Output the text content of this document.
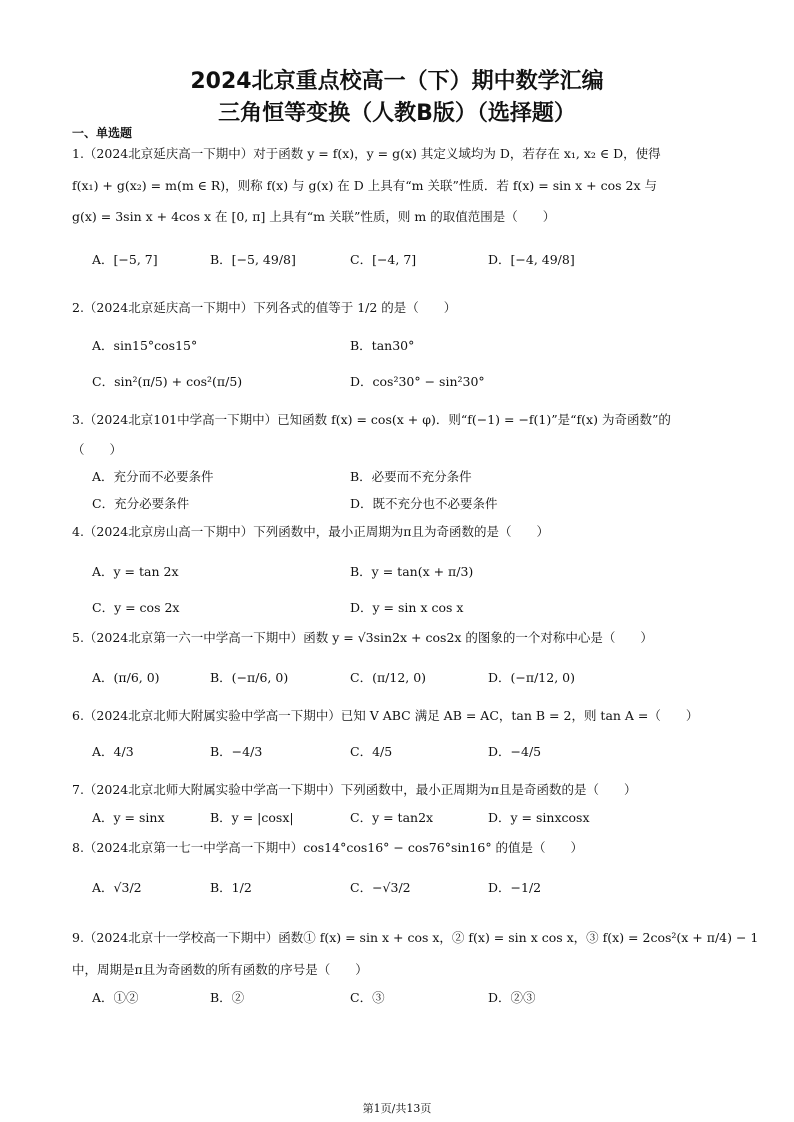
2024北京重点校高一（下）期中数学汇编
三角恒等变换（人教B版）（选择题）
一、单选题
1.（2024北京延庆高一下期中）对于函数 y = f(x)，y = g(x) 其定义域均为 D，若存在 x₁, x₂ ∈ D，使得
f(x₁) + g(x₂) = m(m ∈ R)，则称 f(x) 与 g(x) 在 D 上具有“m 关联”性质．若 f(x) = sin x + cos 2x 与
g(x) = 3sin x + 4cos x 在 [0, π] 上具有“m 关联”性质，则 m 的取值范围是（　　）
A．[−5, 7]	B．[−5, 49/8]	C．[−4, 7]	D．[−4, 49/8]
2.（2024北京延庆高一下期中）下列各式的值等于 1/2 的是（　　）
A．sin15°cos15°	B．tan30°
C．sin²(π/5) + cos²(π/5)	D．cos²30° − sin²30°
3.（2024北京101中学高一下期中）已知函数 f(x) = cos(x + φ)．则“f(−1) = −f(1)”是“f(x) 为奇函数”的
（　　）
A．充分而不必要条件	B．必要而不充分条件
C．充分必要条件	D．既不充分也不必要条件
4.（2024北京房山高一下期中）下列函数中，最小正周期为π且为奇函数的是（　　）
A．y = tan 2x	B．y = tan(x + π/3)
C．y = cos 2x	D．y = sin x cos x
5.（2024北京第一六一中学高一下期中）函数 y = √3sin2x + cos2x 的图象的一个对称中心是（　　）
A．(π/6, 0)	B．(−π/6, 0)	C．(π/12, 0)	D．(−π/12, 0)
6.（2024北京北师大附属实验中学高一下期中）已知 V ABC 满足 AB = AC，tan B = 2，则 tan A =（　　）
A．4/3	B．−4/3	C．4/5	D．−4/5
7.（2024北京北师大附属实验中学高一下期中）下列函数中，最小正周期为π且是奇函数的是（　　）
A．y = sinx	B．y = |cosx|	C．y = tan2x	D．y = sinxcosx
8.（2024北京第一七一中学高一下期中）cos14°cos16° − cos76°sin16° 的值是（　　）
A．√3/2	B．1/2	C．−√3/2	D．−1/2
9.（2024北京十一学校高一下期中）函数① f(x) = sin x + cos x，② f(x) = sin x cos x，③ f(x) = 2cos²(x + π/4) − 1
中，周期是π且为奇函数的所有函数的序号是（　　）
A．①②	B．②	C．③	D．②③
第1页/共13页
